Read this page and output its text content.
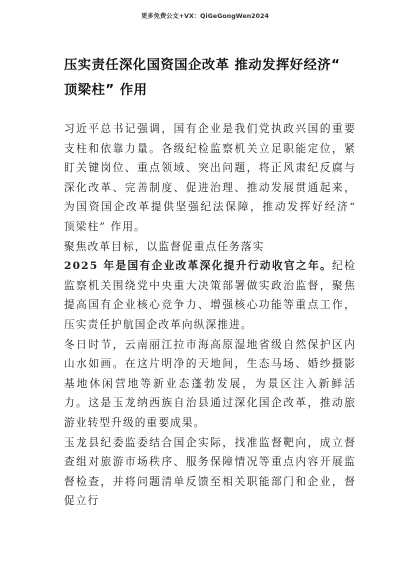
更多免费公文+VX：QiGeGongWen2024
压实责任深化国资国企改革 推动发挥好经济“ 顶梁柱” 作用

习近平总书记强调，国有企业是我们党执政兴国的重要支柱和依靠力量。各级纪检监察机关立足职能定位，紧盯关键岗位、重点领域、突出问题，将正风肃纪反腐与深化改革、完善制度、促进治理、推动发展贯通起来，为国资国企改革提供坚强纪法保障，推动发挥好经济“ 顶梁柱” 作用。

聚焦改革目标，以监督促重点任务落实

2025 年是国有企业改革深化提升行动收官之年。纪检监察机关围绕党中央重大决策部署做实政治监督，聚焦提高国有企业核心竞争力、增强核心功能等重点工作，压实责任护航国企改革向纵深推进。

冬日时节，云南丽江拉市海高原湿地省级自然保护区内山水如画。在这片明净的天地间，生态马场、婚纱摄影基地休闲营地等新业态蓬勃发展，为景区注入新鲜活力。这是玉龙纳西族自治县通过深化国企改革，推动旅游业转型升级的重要成果。

玉龙县纪委监委结合国企实际，找准监督靶向，成立督查组对旅游市场秩序、服务保障情况等重点内容开展监督检查，并将问题清单反馈至相关职能部门和企业，督促立行
